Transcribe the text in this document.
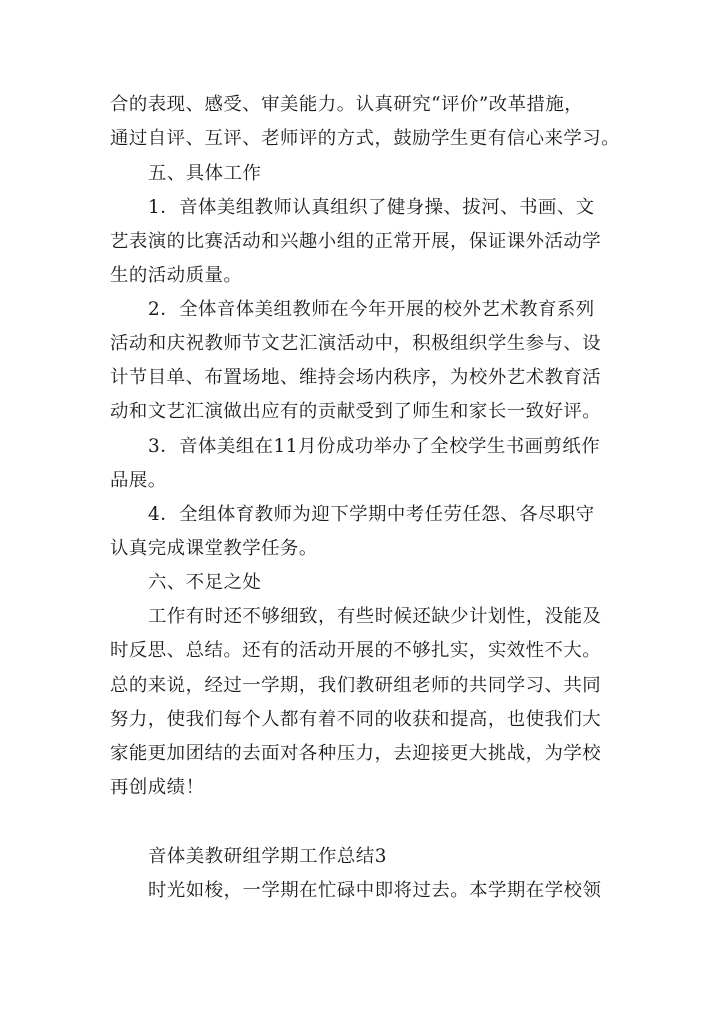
合的表现、感受、审美能力。认真研究“评价”改革措施，
通过自评、互评、老师评的方式，鼓励学生更有信心来学习。
五、具体工作
1．音体美组教师认真组织了健身操、拔河、书画、文
艺表演的比赛活动和兴趣小组的正常开展，保证课外活动学
生的活动质量。
2．全体音体美组教师在今年开展的校外艺术教育系列
活动和庆祝教师节文艺汇演活动中，积极组织学生参与、设
计节目单、布置场地、维持会场内秩序，为校外艺术教育活
动和文艺汇演做出应有的贡献受到了师生和家长一致好评。
3．音体美组在11月份成功举办了全校学生书画剪纸作
品展。
4．全组体育教师为迎下学期中考任劳任怨、各尽职守
认真完成课堂教学任务。
六、不足之处
工作有时还不够细致，有些时候还缺少计划性，没能及
时反思、总结。还有的活动开展的不够扎实，实效性不大。
总的来说，经过一学期，我们教研组老师的共同学习、共同
努力，使我们每个人都有着不同的收获和提高，也使我们大
家能更加团结的去面对各种压力，去迎接更大挑战，为学校
再创成绩！
音体美教研组学期工作总结3
时光如梭，一学期在忙碌中即将过去。本学期在学校领
